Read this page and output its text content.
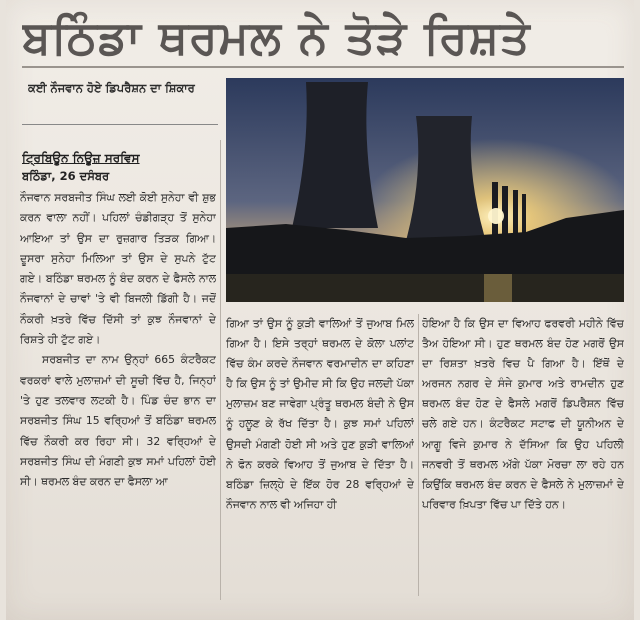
ਬਠਿੰਡਾ ਥਰਮਲ ਨੇ ਤੋੜੇ ਰਿਸ਼ਤੇ
ਕਈ ਨੌਜਵਾਨ ਹੋਏ ਡਿਪਰੈਸ਼ਨ ਦਾ ਸ਼ਿਕਾਰ
ਟ੍ਰਿਬਿਊਨ ਨਿਊਜ਼ ਸਰਵਿਸ
ਬਠਿੰਡਾ, 26 ਦਸੰਬਰ

ਨੌਜਵਾਨ ਸਰਬਜੀਤ ਸਿੰਘ ਲਈ ਕੋਈ ਸੁਨੇਹਾ ਵੀ ਸ਼ੁਭ ਕਰਨ ਵਾਲਾ ਨਹੀਂ। ਪਹਿਲਾਂ ਚੰਡੀਗੜ੍ਹ ਤੋਂ ਸੁਨੇਹਾ ਆਇਆ ਤਾਂ ਉਸ ਦਾ ਰੁਜ਼ਗਾਰ ਤਿੜਕ ਗਿਆ। ਦੂਸਰਾ ਸੁਨੇਹਾ ਮਿਲਿਆ ਤਾਂ ਉਸ ਦੇ ਸੁਪਨੇ ਟੁੱਟ ਗਏ। ਬਠਿੰਡਾ ਥਰਮਲ ਨੂੰ ਬੰਦ ਕਰਨ ਦੇ ਫੈਸਲੇ ਨਾਲ ਨੌਜਵਾਨਾਂ ਦੇ ਚਾਵਾਂ 'ਤੇ ਵੀ ਬਿਜਲੀ ਡਿੱਗੀ ਹੈ। ਜਦੋਂ ਨੌਕਰੀ ਖ਼ਤਰੇ ਵਿੱਚ ਦਿੱਸੀ ਤਾਂ ਕੁਝ ਨੌਜਵਾਨਾਂ ਦੇ ਰਿਸ਼ਤੇ ਹੀ ਟੁੱਟ ਗਏ।

ਸਰਬਜੀਤ ਦਾ ਨਾਮ ਉਨ੍ਹਾਂ 665 ਕੰਟਰੈਕਟ ਵਰਕਰਾਂ ਵਾਲੇ ਮੁਲਾਜ਼ਮਾਂ ਦੀ ਸੂਚੀ ਵਿੱਚ ਹੈ, ਜਿਨ੍ਹਾਂ 'ਤੇ ਹੁਣ ਤਲਵਾਰ ਲਟਕੀ ਹੈ। ਪਿੰਡ ਚੰਦ ਭਾਨ ਦਾ ਸਰਬਜੀਤ ਸਿੰਘ 15 ਵਰ੍ਹਿਆਂ ਤੋਂ ਬਠਿੰਡਾ ਥਰਮਲ ਵਿੱਚ ਨੌਕਰੀ ਕਰ ਰਿਹਾ ਸੀ। 32 ਵਰ੍ਹਿਆਂ ਦੇ ਸਰਬਜੀਤ ਸਿੰਘ ਦੀ ਮੰਗਣੀ ਕੁਝ ਸਮਾਂ ਪਹਿਲਾਂ ਹੋਈ ਸੀ। ਥਰਮਲ ਬੰਦ ਕਰਨ ਦਾ ਫੈਸਲਾ ਆ

ਗਿਆ ਤਾਂ ਉਸ ਨੂੰ ਕੁੜੀ ਵਾਲਿਆਂ ਤੋਂ ਜੁਆਬ ਮਿਲ ਗਿਆ ਹੈ। ਇਸੇ ਤਰ੍ਹਾਂ ਥਰਮਲ ਦੇ ਕੋਲਾ ਪਲਾਂਟ ਵਿੱਚ ਕੰਮ ਕਰਦੇ ਨੌਜਵਾਨ ਵਰਮਾਦੀਨ ਦਾ ਕਹਿਣਾ ਹੈ ਕਿ ਉਸ ਨੂੰ ਤਾਂ ਉਮੀਦ ਸੀ ਕਿ ਉਹ ਜਲਦੀ ਪੱਕਾ ਮੁਲਾਜ਼ਮ ਬਣ ਜਾਵੇਗਾ ਪ੍ਰੰਤੂ ਥਰਮਲ ਬੰਦੀ ਨੇ ਉਸ ਨੂੰ ਹਲੂਣ ਕੇ ਰੱਖ ਦਿੱਤਾ ਹੈ। ਕੁਝ ਸਮਾਂ ਪਹਿਲਾਂ ਉਸਦੀ ਮੰਗਣੀ ਹੋਈ ਸੀ ਅਤੇ ਹੁਣ ਕੁੜੀ ਵਾਲਿਆਂ ਨੇ ਫੋਨ ਕਰਕੇ ਵਿਆਹ ਤੋਂ ਜੁਆਬ ਦੇ ਦਿੱਤਾ ਹੈ। ਬਠਿੰਡਾ ਜ਼ਿਲ੍ਹੇ ਦੇ ਇੱਕ ਹੋਰ 28 ਵਰ੍ਹਿਆਂ ਦੇ ਨੌਜਵਾਨ ਨਾਲ ਵੀ ਅਜਿਹਾ ਹੀ

ਹੋਇਆ ਹੈ ਕਿ ਉਸ ਦਾ ਵਿਆਹ ਫਰਵਰੀ ਮਹੀਨੇ ਵਿੱਚ ਤੈਅ ਹੋਇਆ ਸੀ। ਹੁਣ ਥਰਮਲ ਬੰਦ ਹੋਣ ਮਗਰੋਂ ਉਸ ਦਾ ਰਿਸ਼ਤਾ ਖ਼ਤਰੇ ਵਿਚ ਪੈ ਗਿਆ ਹੈ। ਇੱਥੋਂ ਦੇ ਅਰਜਨ ਨਗਰ ਦੇ ਸੰਜੇ ਕੁਮਾਰ ਅਤੇ ਰਾਮਦੀਨ ਹੁਣ ਥਰਮਲ ਬੰਦ ਹੋਣ ਦੇ ਫੈਸਲੇ ਮਗਰੋਂ ਡਿਪਰੈਸ਼ਨ ਵਿੱਚ ਚਲੇ ਗਏ ਹਨ। ਕੰਟਰੈਕਟ ਸਟਾਫ ਦੀ ਯੂਨੀਅਨ ਦੇ ਆਗੂ ਵਿਜੇ ਕੁਮਾਰ ਨੇ ਦੱਸਿਆ ਕਿ ਉਹ ਪਹਿਲੀ ਜਨਵਰੀ ਤੋਂ ਥਰਮਲ ਅੱਗੇ ਪੱਕਾ ਮੋਰਚਾ ਲਾ ਰਹੇ ਹਨ ਕਿਉਂਕਿ ਥਰਮਲ ਬੰਦ ਕਰਨ ਦੇ ਫੈਸਲੇ ਨੇ ਮੁਲਾਜ਼ਮਾਂ ਦੇ ਪਰਿਵਾਰ ਖ਼ਿਪਤਾ ਵਿੱਚ ਪਾ ਦਿੱਤੇ ਹਨ।
